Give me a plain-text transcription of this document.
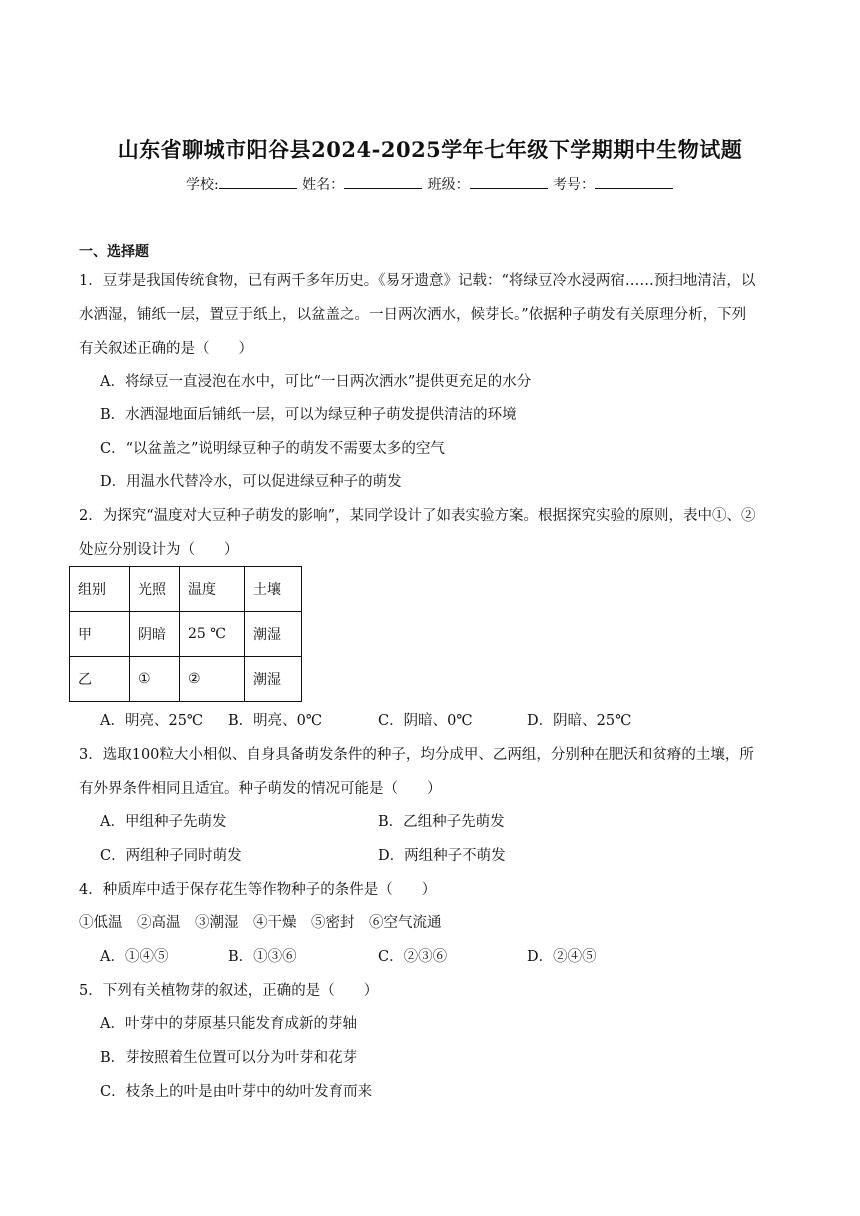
山东省聊城市阳谷县2024-2025学年七年级下学期期中生物试题
学校:	姓名：	班级：	考号：
一、选择题
1．豆芽是我国传统食物，已有两千多年历史。《易牙遗意》记载：“将绿豆冷水浸两宿……预扫地清洁，以
水洒湿，铺纸一层，置豆于纸上，以盆盖之。一日两次洒水，候芽长。”依据种子萌发有关原理分析，下列
有关叙述正确的是（　　）
A．将绿豆一直浸泡在水中，可比“一日两次洒水”提供更充足的水分
B．水洒湿地面后铺纸一层，可以为绿豆种子萌发提供清洁的环境
C．“以盆盖之”说明绿豆种子的萌发不需要太多的空气
D．用温水代替冷水，可以促进绿豆种子的萌发
2．为探究“温度对大豆种子萌发的影响”，某同学设计了如表实验方案。根据探究实验的原则，表中①、②
处应分别设计为（　　）
组别	光照	温度	土壤
甲	阴暗	25 ℃	潮湿
乙	①	②	潮湿
A．明亮、25℃ B．明亮、0℃	C．阴暗、0℃	D．阴暗、25℃
3．选取100粒大小相似、自身具备萌发条件的种子，均分成甲、乙两组，分别种在肥沃和贫瘠的土壤，所
有外界条件相同且适宜。种子萌发的情况可能是（　　）
A．甲组种子先萌发	B．乙组种子先萌发
C．两组种子同时萌发	D．两组种子不萌发
4．种质库中适于保存花生等作物种子的条件是（　　）
①低温　②高温　③潮湿　④干燥　⑤密封　⑥空气流通
A．①④⑤	B．①③⑥	C．②③⑥	D．②④⑤
5．下列有关植物芽的叙述，正确的是（　　）
A．叶芽中的芽原基只能发育成新的芽轴
B．芽按照着生位置可以分为叶芽和花芽
C．枝条上的叶是由叶芽中的幼叶发育而来
